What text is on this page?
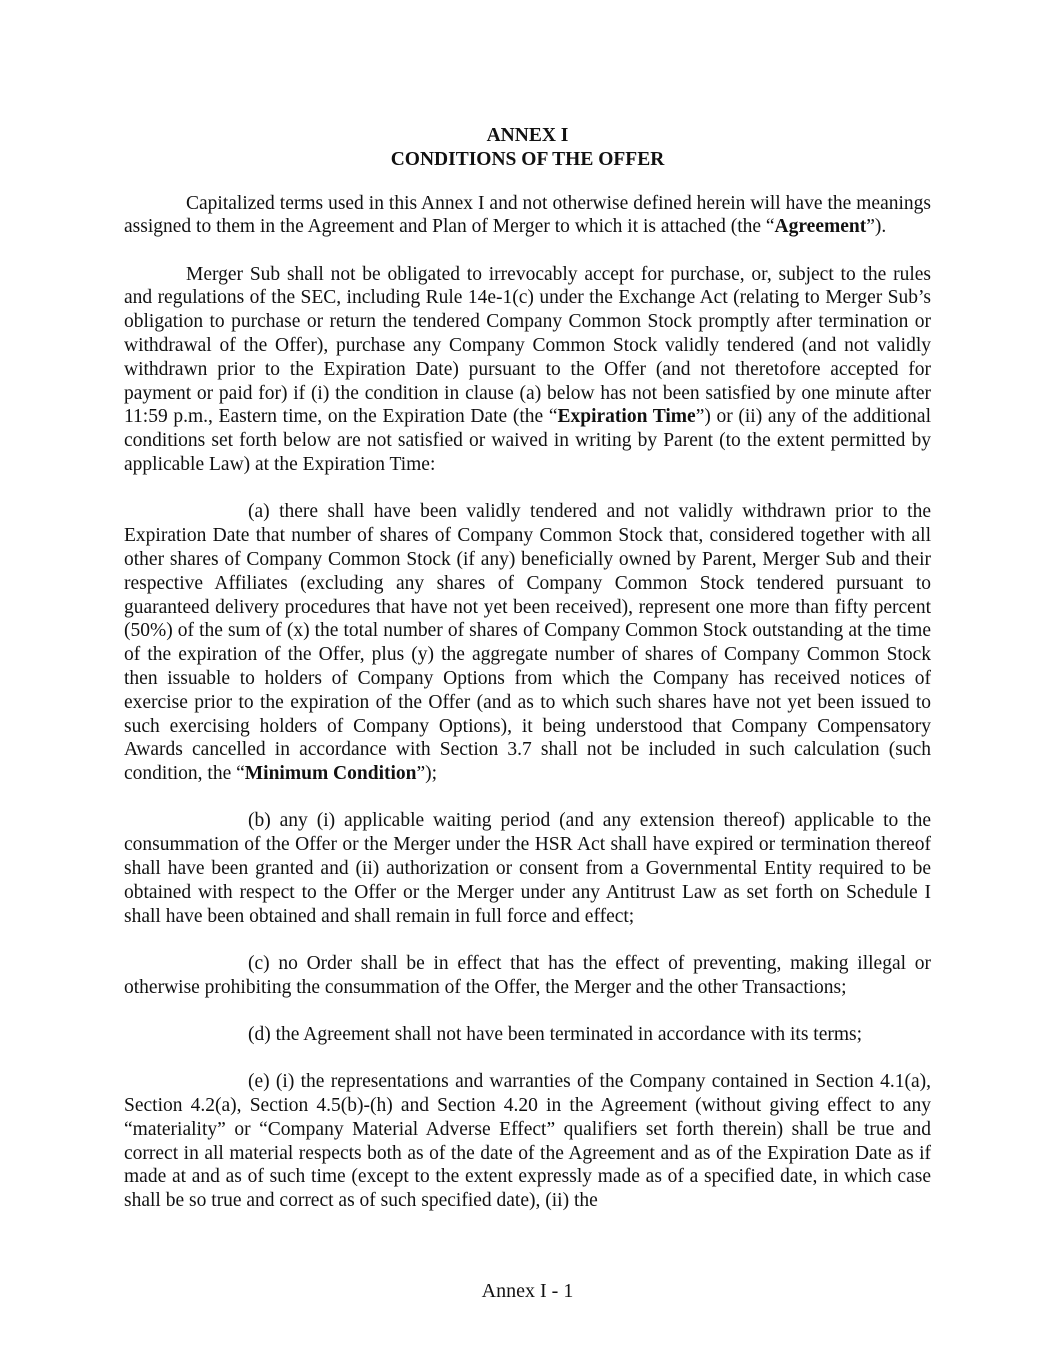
ANNEX I
CONDITIONS OF THE OFFER

Capitalized terms used in this Annex I and not otherwise defined herein will have the meanings assigned to them in the Agreement and Plan of Merger to which it is attached (the “Agreement”).

Merger Sub shall not be obligated to irrevocably accept for purchase, or, subject to the rules and regulations of the SEC, including Rule 14e-1(c) under the Exchange Act (relating to Merger Sub’s obligation to purchase or return the tendered Company Common Stock promptly after termination or withdrawal of the Offer), purchase any Company Common Stock validly tendered (and not validly withdrawn prior to the Expiration Date) pursuant to the Offer (and not theretofore accepted for payment or paid for) if (i) the condition in clause (a) below has not been satisfied by one minute after 11:59 p.m., Eastern time, on the Expiration Date (the “Expiration Time”) or (ii) any of the additional conditions set forth below are not satisfied or waived in writing by Parent (to the extent permitted by applicable Law) at the Expiration Time:

(a) there shall have been validly tendered and not validly withdrawn prior to the Expiration Date that number of shares of Company Common Stock that, considered together with all other shares of Company Common Stock (if any) beneficially owned by Parent, Merger Sub and their respective Affiliates (excluding any shares of Company Common Stock tendered pursuant to guaranteed delivery procedures that have not yet been received), represent one more than fifty percent (50%) of the sum of (x) the total number of shares of Company Common Stock outstanding at the time of the expiration of the Offer, plus (y) the aggregate number of shares of Company Common Stock then issuable to holders of Company Options from which the Company has received notices of exercise prior to the expiration of the Offer (and as to which such shares have not yet been issued to such exercising holders of Company Options), it being understood that Company Compensatory Awards cancelled in accordance with Section 3.7 shall not be included in such calculation (such condition, the “Minimum Condition”);

(b) any (i) applicable waiting period (and any extension thereof) applicable to the consummation of the Offer or the Merger under the HSR Act shall have expired or termination thereof shall have been granted and (ii) authorization or consent from a Governmental Entity required to be obtained with respect to the Offer or the Merger under any Antitrust Law as set forth on Schedule I shall have been obtained and shall remain in full force and effect;

(c) no Order shall be in effect that has the effect of preventing, making illegal or otherwise prohibiting the consummation of the Offer, the Merger and the other Transactions;

(d) the Agreement shall not have been terminated in accordance with its terms;

(e) (i) the representations and warranties of the Company contained in Section 4.1(a), Section 4.2(a), Section 4.5(b)-(h) and Section 4.20 in the Agreement (without giving effect to any “materiality” or “Company Material Adverse Effect” qualifiers set forth therein) shall be true and correct in all material respects both as of the date of the Agreement and as of the Expiration Date as if made at and as of such time (except to the extent expressly made as of a specified date, in which case shall be so true and correct as of such specified date), (ii) the

Annex I - 1
